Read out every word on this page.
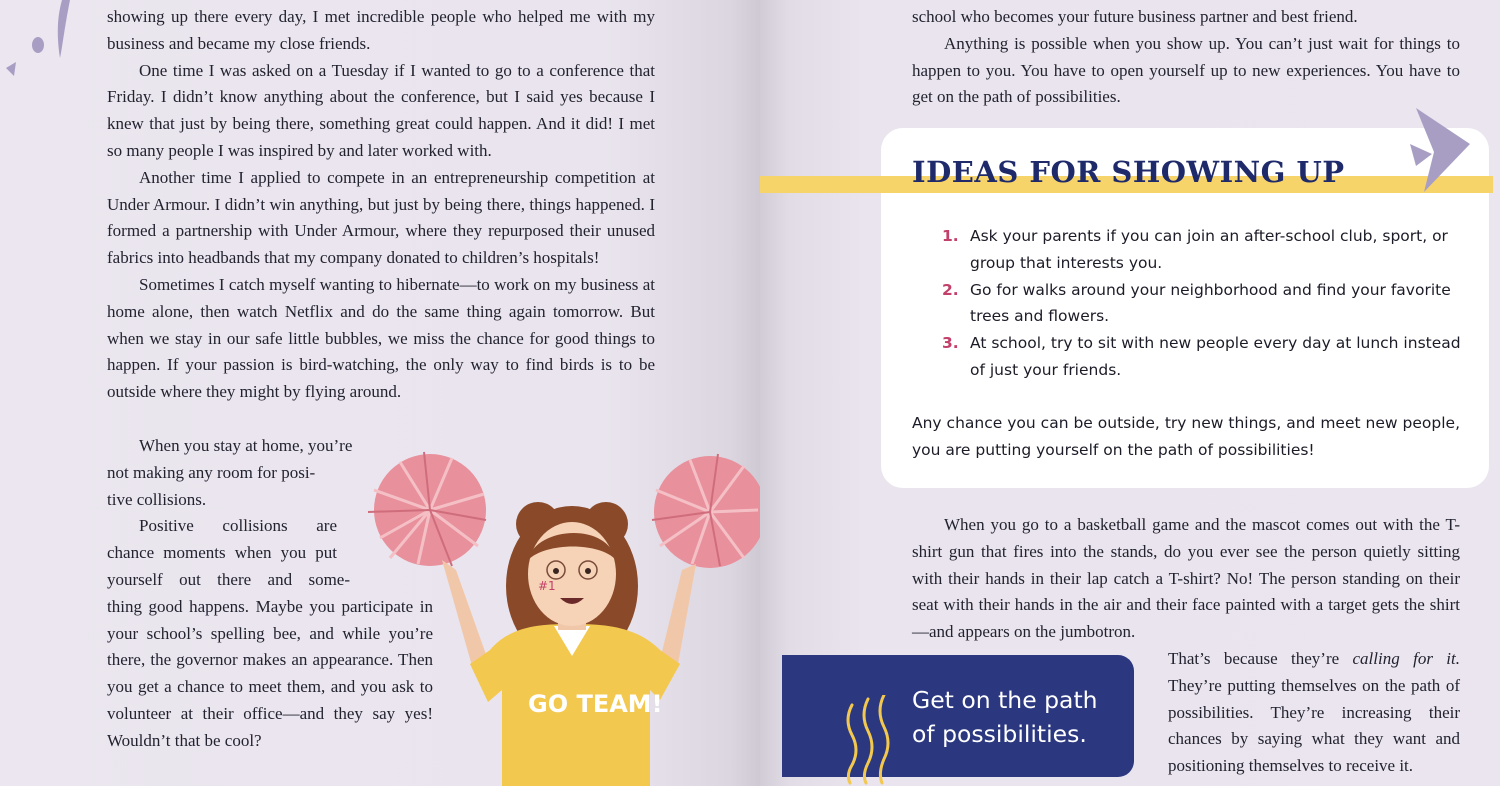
showing up there every day, I met incredible people who helped me with my business and became my close friends.

One time I was asked on a Tuesday if I wanted to go to a conference that Friday. I didn’t know anything about the conference, but I said yes because I knew that just by being there, something great could happen. And it did! I met so many people I was inspired by and later worked with.

Another time I applied to compete in an entrepreneurship competition at Under Armour. I didn’t win anything, but just by being there, things happened. I formed a partnership with Under Armour, where they repurposed their unused fabrics into headbands that my company donated to children’s hospitals!

Sometimes I catch myself wanting to hibernate—to work on my business at home alone, then watch Netflix and do the same thing again tomorrow. But when we stay in our safe little bubbles, we miss the chance for good things to happen. If your passion is bird-watching, the only way to find birds is to be outside where they might by flying around.

When you stay at home, you’re
not making any room for posi-
tive collisions.
Positive collisions are
chance moments when you put
yourself out there and some-
thing good happens. Maybe you participate in your school’s spelling bee, and while you’re there, the governor makes an appearance. Then you get a chance to meet them, and you ask to volunteer at their office—and they say yes! Wouldn’t that be cool?
GO TEAM!
#1

school who becomes your future business partner and best friend.

Anything is possible when you show up. You can’t just wait for things to happen to you. You have to open yourself up to new experiences. You have to get on the path of possibilities.

IDEAS FOR SHOWING UP
1. Ask your parents if you can join an after-school club, sport, or group that interests you.
2. Go for walks around your neighborhood and find your favorite trees and flowers.
3. At school, try to sit with new people every day at lunch instead of just your friends.

Any chance you can be outside, try new things, and meet new people, you are putting yourself on the path of possibilities!

When you go to a basketball game and the mascot comes out with the T-shirt gun that fires into the stands, do you ever see the person quietly sitting with their hands in their lap catch a T-shirt? No! The person standing on their seat with their hands in the air and their face painted with a target gets the shirt—and appears on the jumbotron.

That’s because they’re calling for it. They’re putting themselves on the path of possibilities. They’re increasing their chances by saying what they want and positioning themselves to receive it.

Get on the path
of possibilities.
